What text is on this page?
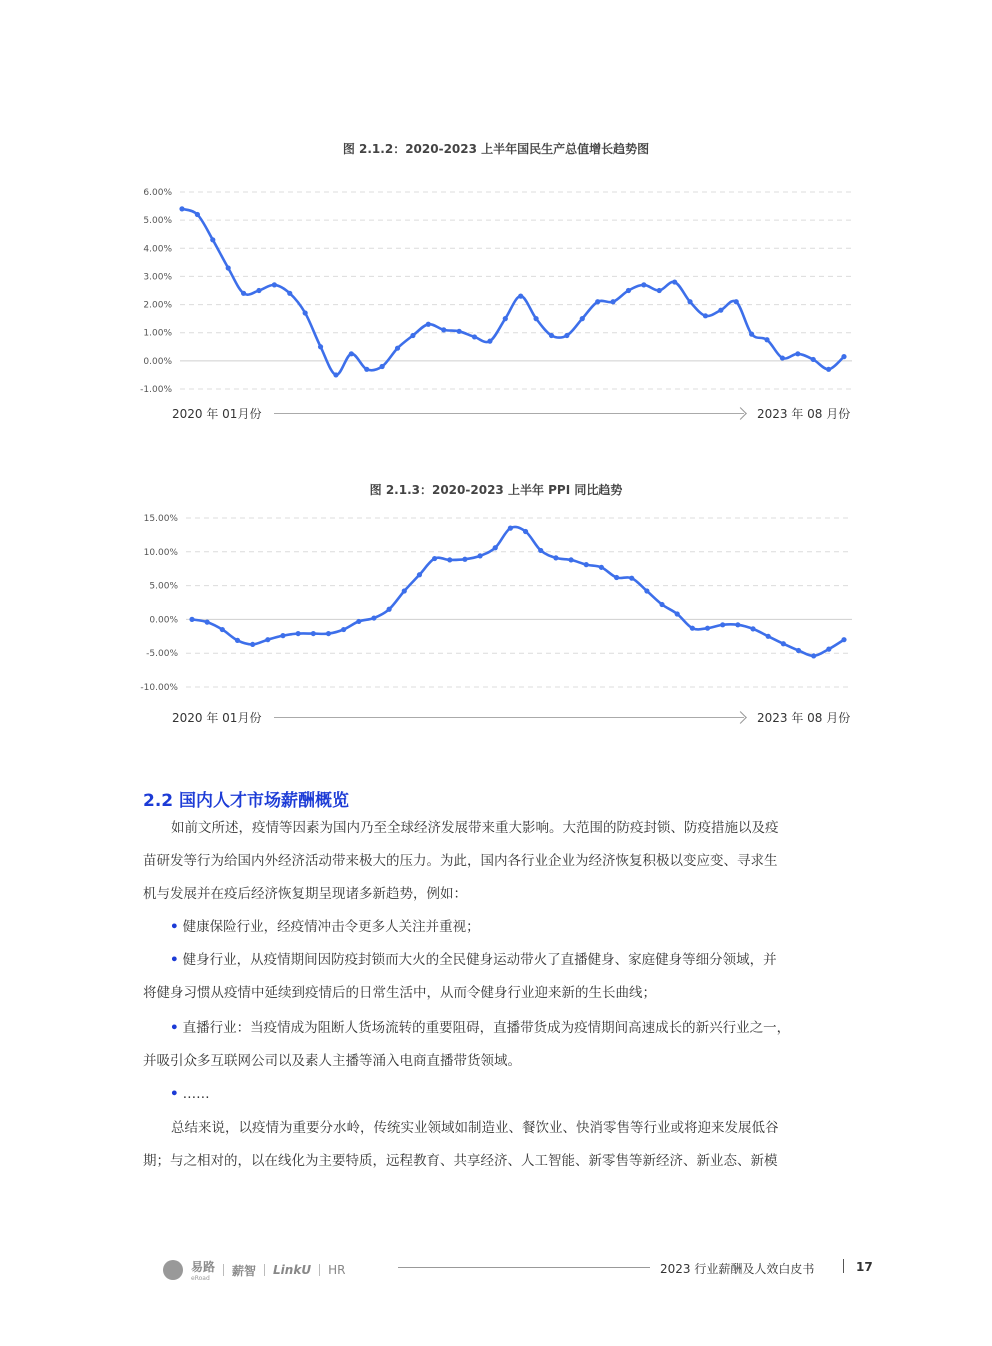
图 2.1.2：2020-2023 上半年国民生产总值增长趋势图
6.00%
5.00%
4.00%
3.00%
2.00%
1.00%
0.00%
-1.00%
2020 年 01月份	2023 年 08 月份
图 2.1.3：2020-2023 上半年 PPI 同比趋势
15.00%
10.00%
5.00%
0.00%
-5.00%
-10.00%
2020 年 01月份	2023 年 08 月份
2.2 国内人才市场薪酬概览
如前文所述，疫情等因素为国内乃至全球经济发展带来重大影响。大范围的防疫封锁、防疫措施以及疫
苗研发等行为给国内外经济活动带来极大的压力。为此，国内各行业企业为经济恢复积极以变应变、寻求生
机与发展并在疫后经济恢复期呈现诸多新趋势，例如：
• 健康保险行业，经疫情冲击令更多人关注并重视；
• 健身行业，从疫情期间因防疫封锁而大火的全民健身运动带火了直播健身、家庭健身等细分领域，并
将健身习惯从疫情中延续到疫情后的日常生活中，从而令健身行业迎来新的生长曲线；
• 直播行业：当疫情成为阻断人货场流转的重要阻碍，直播带货成为疫情期间高速成长的新兴行业之一，
并吸引众多互联网公司以及素人主播等涌入电商直播带货领域。
• ……
总结来说，以疫情为重要分水岭，传统实业领域如制造业、餐饮业、快消零售等行业或将迎来发展低谷
期；与之相对的，以在线化为主要特质，远程教育、共享经济、人工智能、新零售等新经济、新业态、新模
易路
eRoad
薪智 LinkU HR	2023 行业薪酬及人效白皮书	17
